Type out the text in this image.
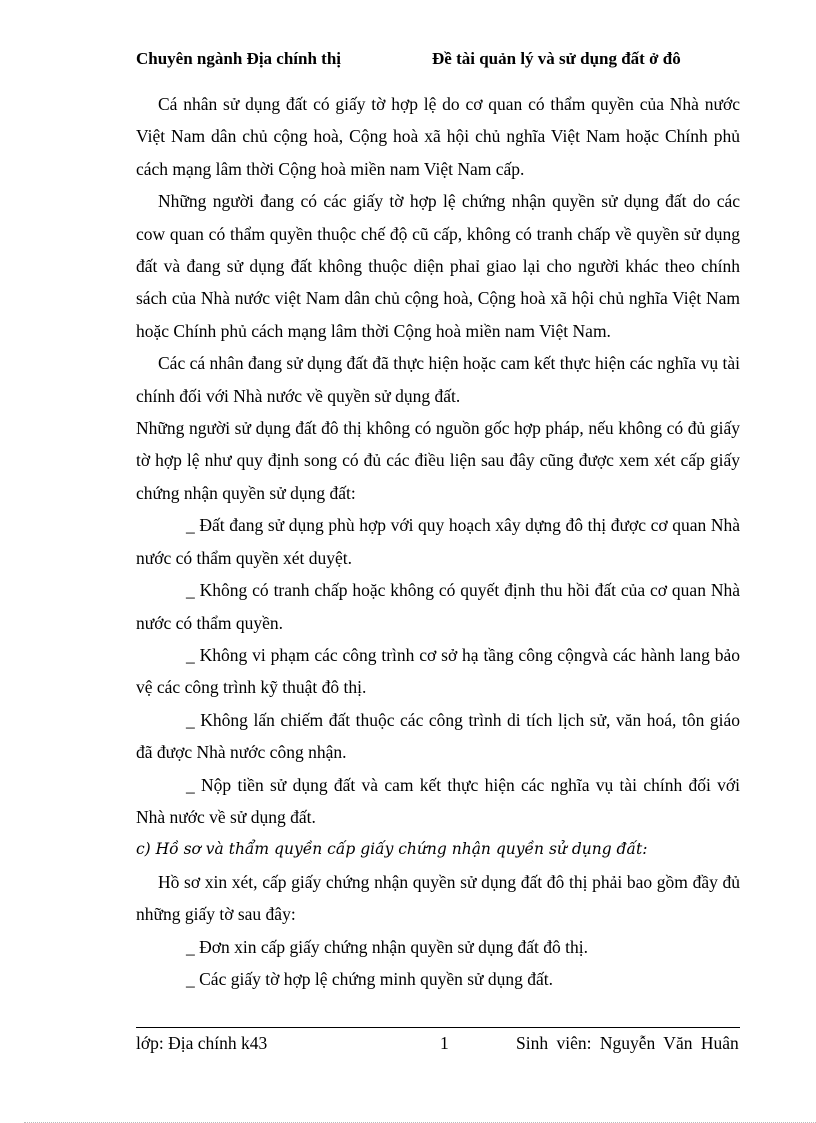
Chuyên ngành Địa chính thị	Đề tài quản lý và sử dụng đất ở đô

Cá nhân sử dụng đất có giấy tờ hợp lệ do cơ quan có thẩm quyền của Nhà nước Việt Nam dân chủ cộng hoà, Cộng hoà xã hội chủ nghĩa Việt Nam hoặc Chính phủ cách mạng lâm thời Cộng hoà miền nam Việt Nam cấp.

Những người đang có các giấy tờ hợp lệ chứng nhận quyền sử dụng đất do các cow quan có thẩm quyền thuộc chế độ cũ cấp, không có tranh chấp về quyền sử dụng đất và đang sử dụng đất không thuộc diện phaỉ giao lại cho người khác theo chính sách của Nhà nước việt Nam dân chủ cộng hoà, Cộng hoà xã hội chủ nghĩa Việt Nam hoặc Chính phủ cách mạng lâm thời Cộng hoà miền nam Việt Nam.

Các cá nhân đang sử dụng đất đã thực hiện hoặc cam kết thực hiện các nghĩa vụ tài chính đối với Nhà nước về quyền sử dụng đất.

Những người sử dụng đất đô thị không có nguồn gốc hợp pháp, nếu không có đủ giấy tờ hợp lệ như quy định song có đủ các điều liện sau đây cũng được xem xét cấp giấy chứng nhận quyền sử dụng đất:

_ Đất đang sử dụng phù hợp với quy hoạch xây dựng đô thị được cơ quan Nhà nước có thẩm quyền xét duyệt.

_ Không có tranh chấp hoặc không có quyết định thu hồi đất của cơ quan Nhà nước có thẩm quyền.

_ Không vi phạm các công trình cơ sở hạ tầng công cộngvà các hành lang bảo vệ các công trình kỹ thuật đô thị.

_ Không lấn chiếm đất thuộc các công trình di tích lịch sử, văn hoá, tôn giáo đã được Nhà nước công nhận.

_ Nộp tiền sử dụng đất và cam kết thực hiện các nghĩa vụ tài chính đối với Nhà nước về sử dụng đất.

c) Hồ sơ và thẩm quyền cấp giấy chứng nhận quyền sử dụng đất:

Hồ sơ xin xét, cấp giấy chứng nhận quyền sử dụng đất đô thị phải bao gồm đầy đủ những giấy tờ sau đây:

_ Đơn xin cấp giấy chứng nhận quyền sử dụng đất đô thị.

_ Các giấy tờ hợp lệ chứng minh quyền sử dụng đất.

lớp: Địa chính k43	1	Sinh viên: Nguyễn Văn Huân
